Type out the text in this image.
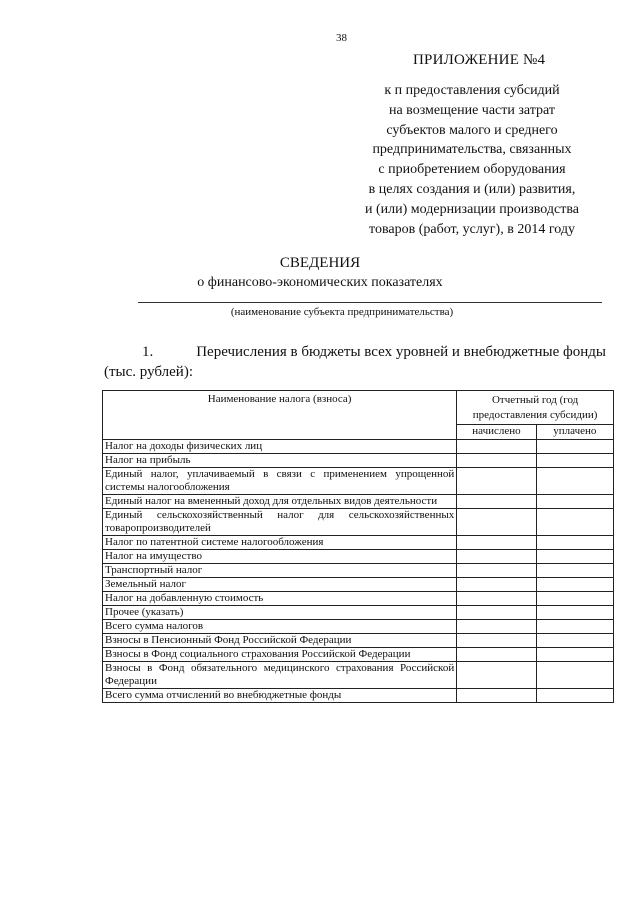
38
ПРИЛОЖЕНИЕ №4
к п предоставления субсидий
на возмещение части затрат
субъектов малого и среднего
предпринимательства, связанных
с приобретением оборудования
в целях создания и (или) развития,
и (или) модернизации производства
товаров (работ, услуг), в 2014 году
СВЕДЕНИЯ
о финансово-экономических показателях
(наименование субъекта предпринимательства)
1.	Перечисления в бюджеты всех уровней и внебюджетные фонды
(тыс. рублей):
Наименование налога (взноса)	Отчетный год (год предоставления субсидии)	
	начислено	уплачено
Налог на доходы физических лиц		
Налог на прибыль		
Единый налог, уплачиваемый в связи с применением упрощенной системы налогообложения		
Единый налог на вмененный доход для отдельных видов деятельности		
Единый сельскохозяйственный налог для сельскохозяйственных товаропроизводителей		
Налог по патентной системе налогообложения		
Налог на имущество		
Транспортный налог		
Земельный налог		
Налог на добавленную стоимость		
Прочее (указать)		
Всего сумма налогов		
Взносы в Пенсионный Фонд Российской Федерации		
Взносы в Фонд социального страхования Российской Федерации		
Взносы в Фонд обязательного медицинского страхования Российской Федерации		
Всего сумма отчислений во внебюджетные фонды		
